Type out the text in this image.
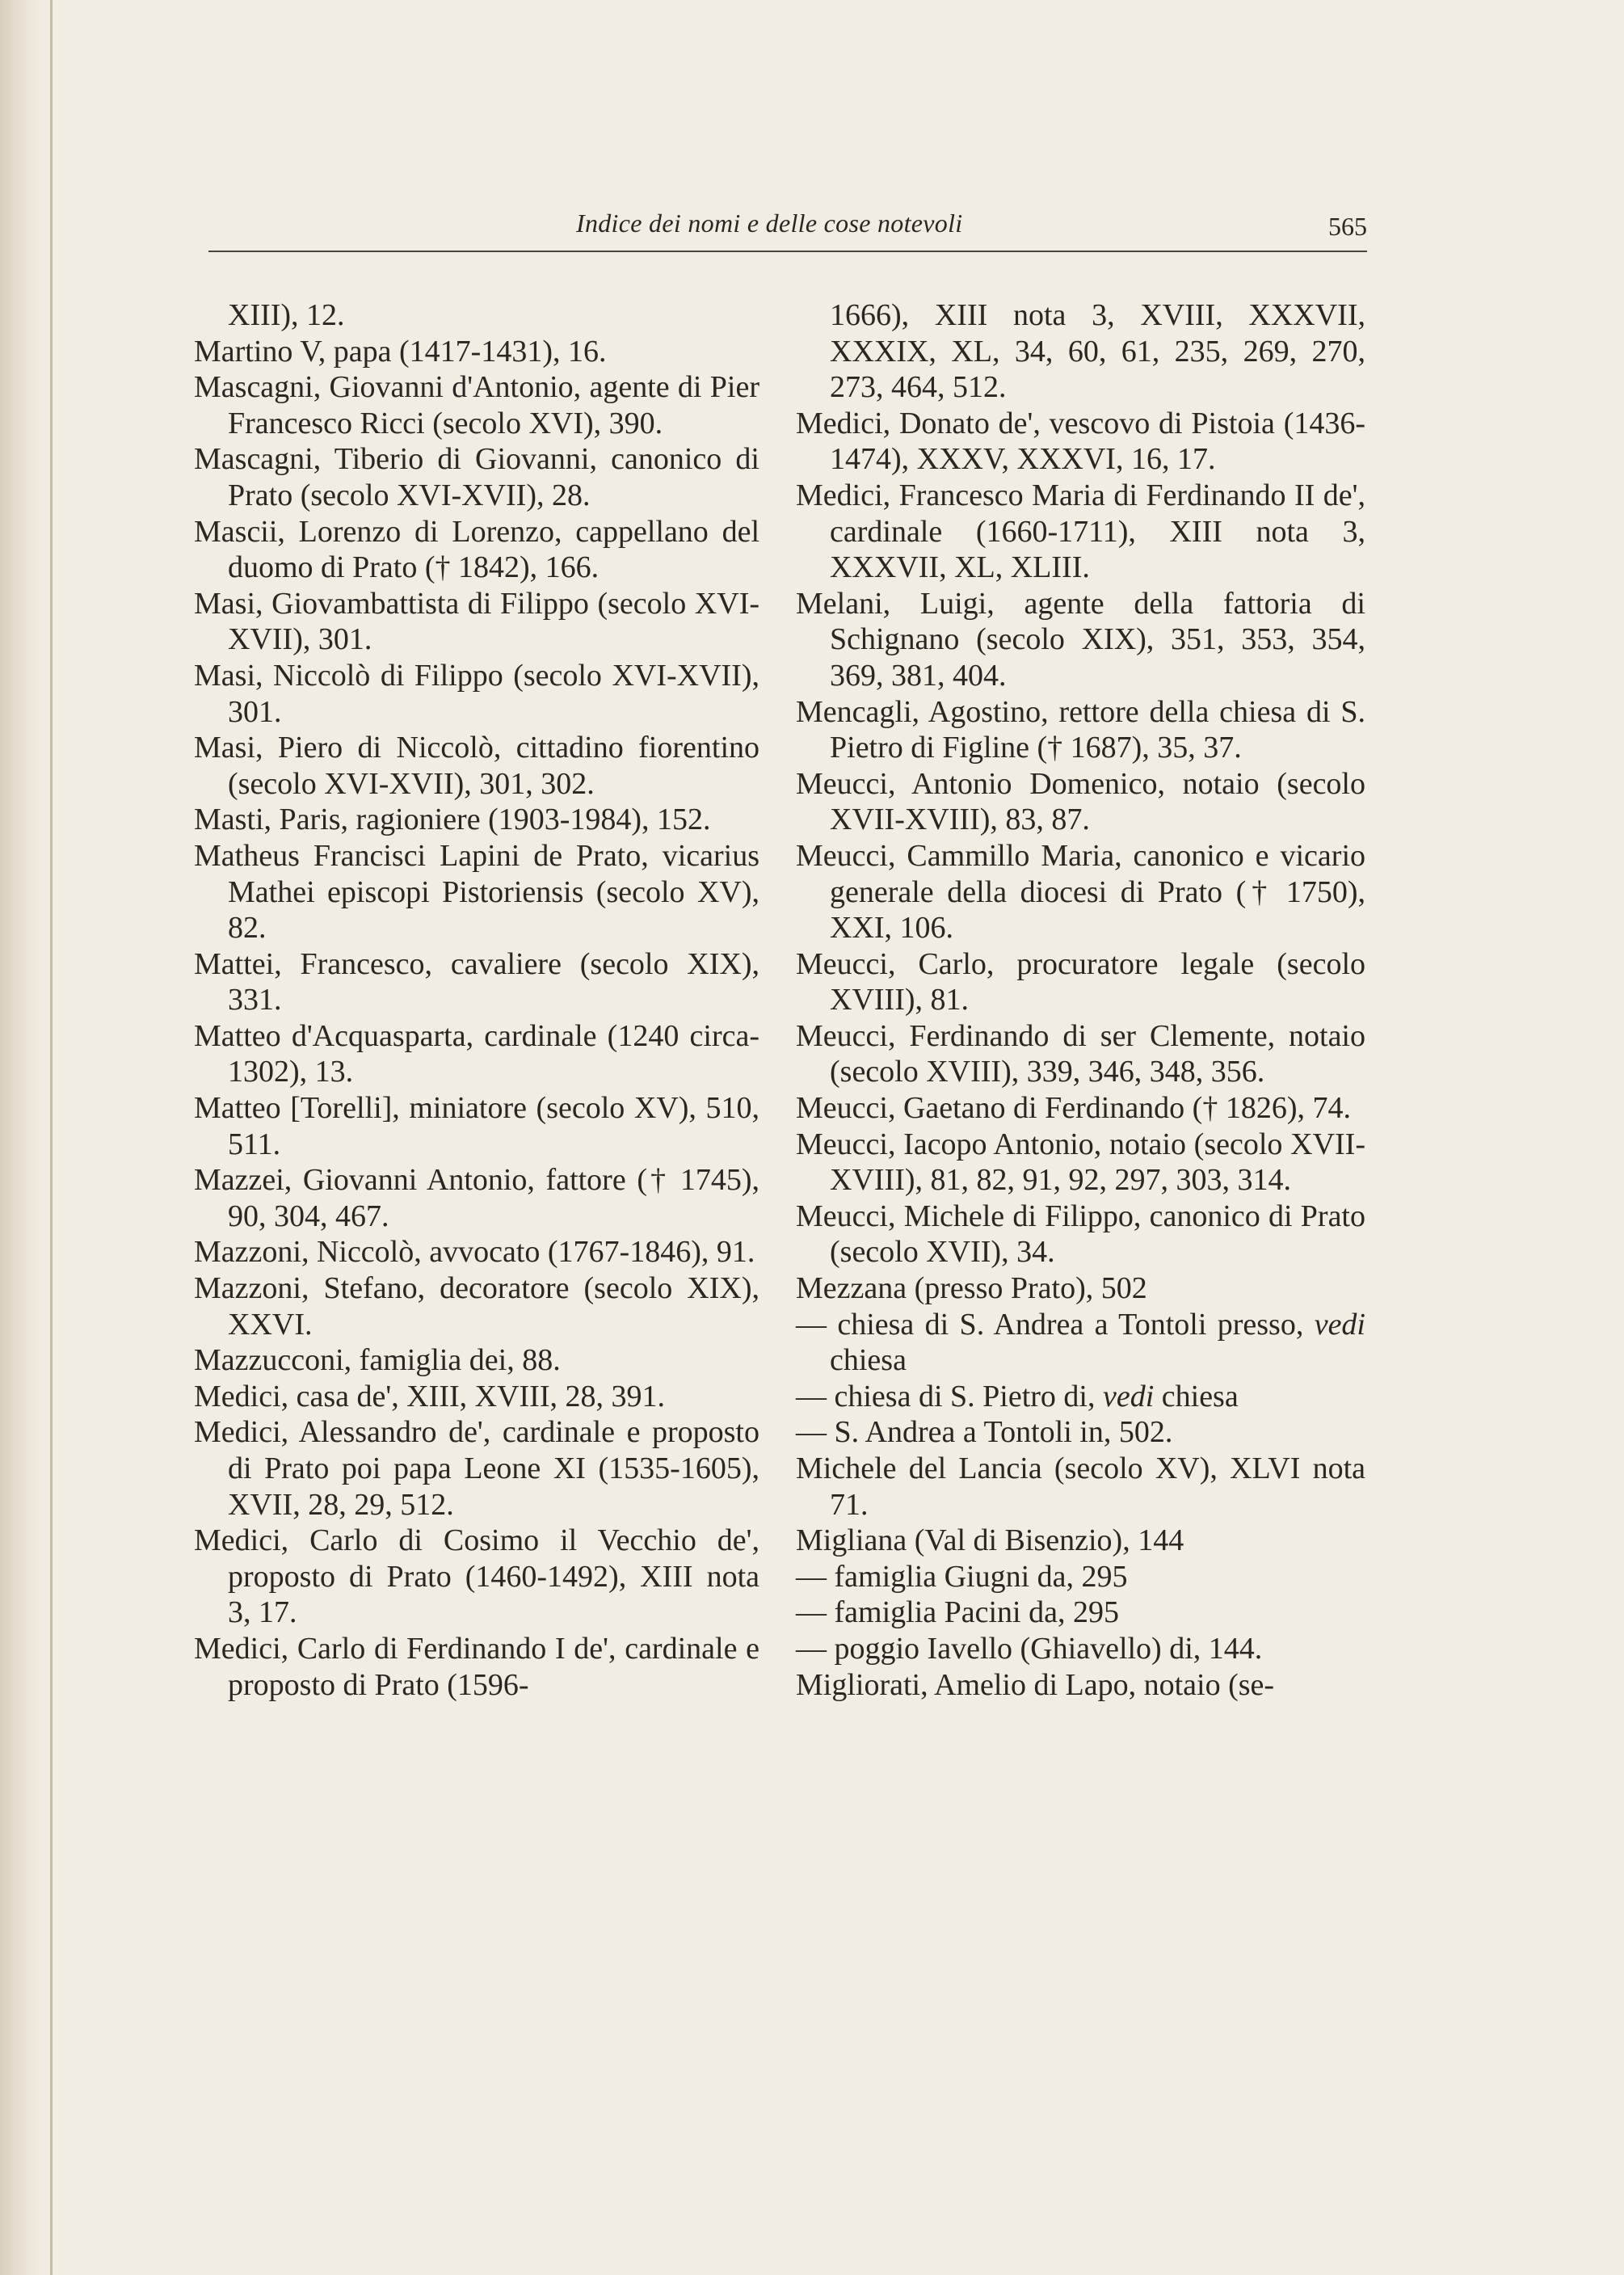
Indice dei nomi e delle cose notevoli	565

XIII), 12.

Martino V, papa (1417-1431), 16.

Mascagni, Giovanni d'Antonio, agente di Pier Francesco Ricci (secolo XVI), 390.

Mascagni, Tiberio di Giovanni, canonico di Prato (secolo XVI-XVII), 28.

Mascii, Lorenzo di Lorenzo, cappellano del duomo di Prato († 1842), 166.

Masi, Giovambattista di Filippo (secolo XVI-XVII), 301.

Masi, Niccolò di Filippo (secolo XVI-XVII), 301.

Masi, Piero di Niccolò, cittadino fiorentino (secolo XVI-XVII), 301, 302.

Masti, Paris, ragioniere (1903-1984), 152.

Matheus Francisci Lapini de Prato, vicarius Mathei episcopi Pistoriensis (secolo XV), 82.

Mattei, Francesco, cavaliere (secolo XIX), 331.

Matteo d'Acquasparta, cardinale (1240 circa-1302), 13.

Matteo [Torelli], miniatore (secolo XV), 510, 511.

Mazzei, Giovanni Antonio, fattore († 1745), 90, 304, 467.

Mazzoni, Niccolò, avvocato (1767-1846), 91.

Mazzoni, Stefano, decoratore (secolo XIX), XXVI.

Mazzucconi, famiglia dei, 88.

Medici, casa de', XIII, XVIII, 28, 391.

Medici, Alessandro de', cardinale e proposto di Prato poi papa Leone XI (1535-1605), XVII, 28, 29, 512.

Medici, Carlo di Cosimo il Vecchio de', proposto di Prato (1460-1492), XIII nota 3, 17.

Medici, Carlo di Ferdinando I de', cardinale e proposto di Prato (1596-

1666), XIII nota 3, XVIII, XXXVII, XXXIX, XL, 34, 60, 61, 235, 269, 270, 273, 464, 512.

Medici, Donato de', vescovo di Pistoia (1436-1474), XXXV, XXXVI, 16, 17.

Medici, Francesco Maria di Ferdinando II de', cardinale (1660-1711), XIII nota 3, XXXVII, XL, XLIII.

Melani, Luigi, agente della fattoria di Schignano (secolo XIX), 351, 353, 354, 369, 381, 404.

Mencagli, Agostino, rettore della chiesa di S. Pietro di Figline († 1687), 35, 37.

Meucci, Antonio Domenico, notaio (secolo XVII-XVIII), 83, 87.

Meucci, Cammillo Maria, canonico e vicario generale della diocesi di Prato († 1750), XXI, 106.

Meucci, Carlo, procuratore legale (secolo XVIII), 81.

Meucci, Ferdinando di ser Clemente, notaio (secolo XVIII), 339, 346, 348, 356.

Meucci, Gaetano di Ferdinando († 1826), 74.

Meucci, Iacopo Antonio, notaio (secolo XVII-XVIII), 81, 82, 91, 92, 297, 303, 314.

Meucci, Michele di Filippo, canonico di Prato (secolo XVII), 34.

Mezzana (presso Prato), 502

— chiesa di S. Andrea a Tontoli presso, vedi chiesa

— chiesa di S. Pietro di, vedi chiesa

— S. Andrea a Tontoli in, 502.

Michele del Lancia (secolo XV), XLVI nota 71.

Migliana (Val di Bisenzio), 144

— famiglia Giugni da, 295

— famiglia Pacini da, 295

— poggio Iavello (Ghiavello) di, 144.

Migliorati, Amelio di Lapo, notaio (se-
